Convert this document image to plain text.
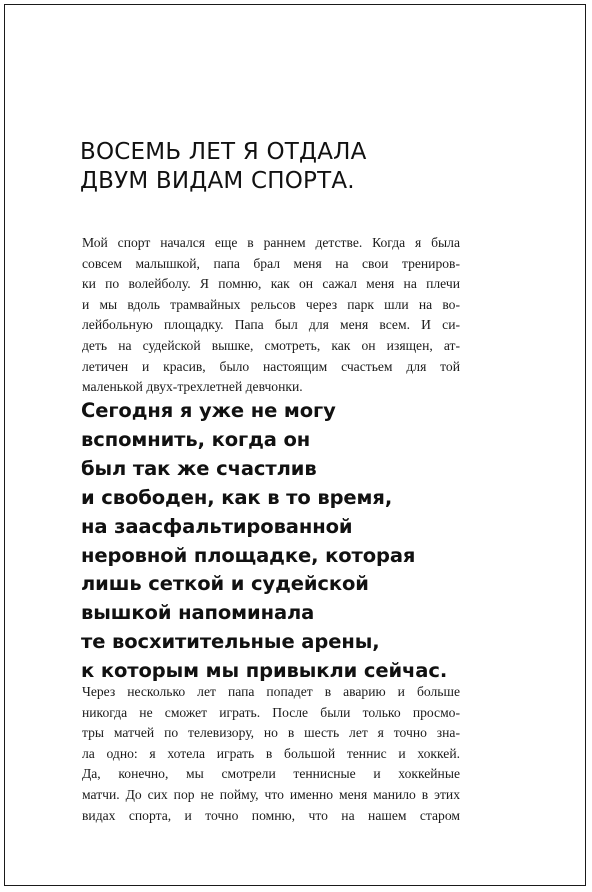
ВОСЕМЬ ЛЕТ Я ОТДАЛА
ДВУМ ВИДАМ СПОРТА.
Мой спорт начался еще в раннем детстве. Когда я была
совсем малышкой, папа брал меня на свои трениров-
ки по волейболу. Я помню, как он сажал меня на плечи
и мы вдоль трамвайных рельсов через парк шли на во-
лейбольную площадку. Папа был для меня всем. И си-
деть на судейской вышке, смотреть, как он изящен, ат-
летичен и красив, было настоящим счастьем для той
маленькой двух-трехлетней девчонки.
Сегодня я уже не могу
вспомнить, когда он
был так же счастлив
и свободен, как в то время,
на заасфальтированной
неровной площадке, которая
лишь сеткой и судейской
вышкой напоминала
те восхитительные арены,
к которым мы привыкли сейчас.
Через несколько лет папа попадет в аварию и больше
никогда не сможет играть. После были только просмо-
тры матчей по телевизору, но в шесть лет я точно зна-
ла одно: я хотела играть в большой теннис и хоккей.
Да, конечно, мы смотрели теннисные и хоккейные
матчи. До сих пор не пойму, что именно меня манило в этих
видах спорта, и точно помню, что на нашем старом
